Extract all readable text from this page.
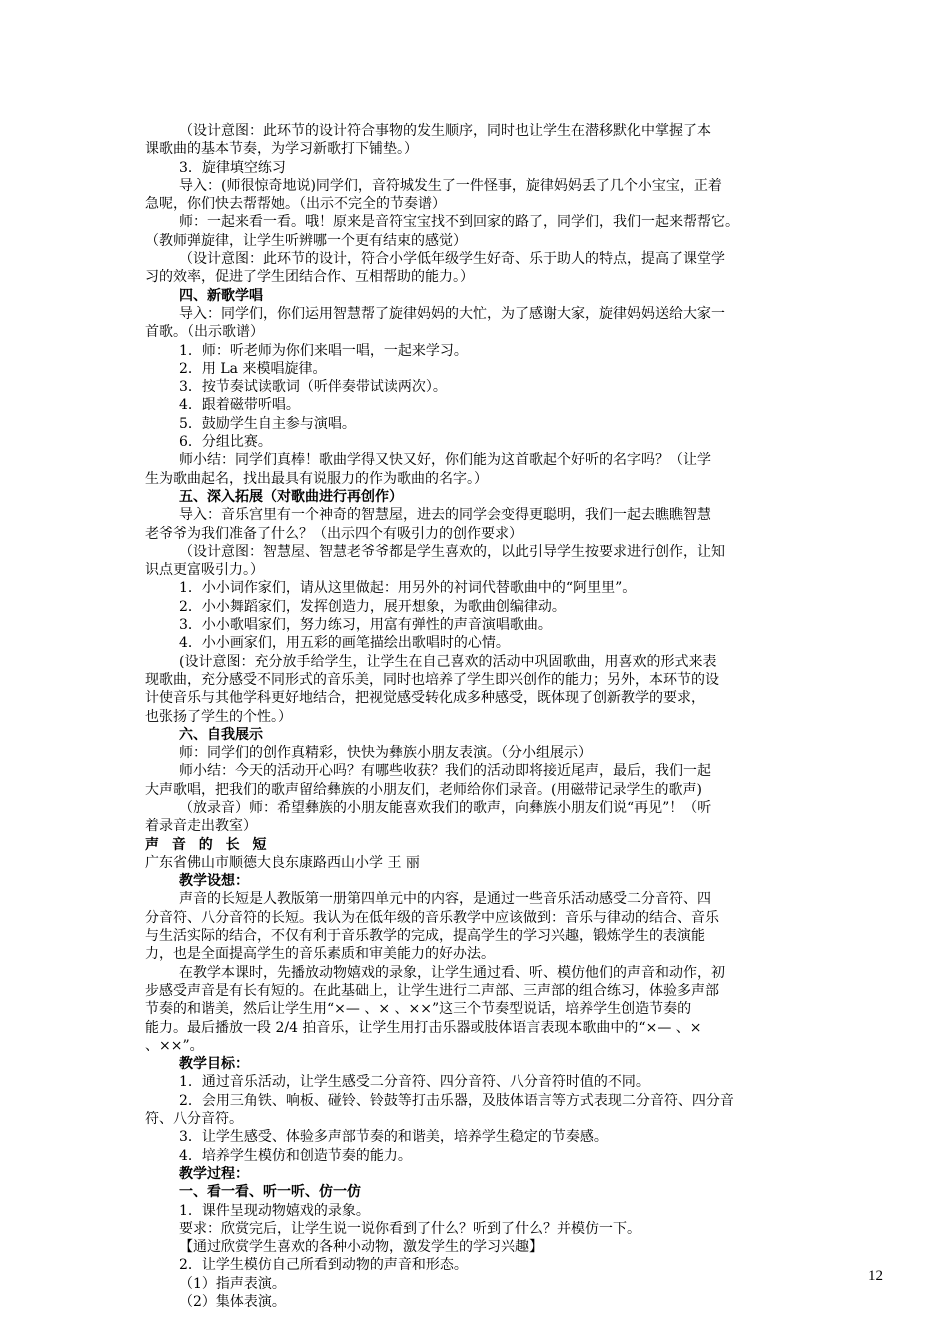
（设计意图：此环节的设计符合事物的发生顺序，同时也让学生在潜移默化中掌握了本
课歌曲的基本节奏，为学习新歌打下铺垫。）
3．旋律填空练习
导入：(师很惊奇地说)同学们，音符城发生了一件怪事，旋律妈妈丢了几个小宝宝，正着
急呢，你们快去帮帮她。（出示不完全的节奏谱）
师：一起来看一看。哦！原来是音符宝宝找不到回家的路了，同学们，我们一起来帮帮它。
（教师弹旋律，让学生听辨哪一个更有结束的感觉）
（设计意图：此环节的设计，符合小学低年级学生好奇、乐于助人的特点，提高了课堂学
习的效率，促进了学生团结合作、互相帮助的能力。）
四、新歌学唱
导入：同学们，你们运用智慧帮了旋律妈妈的大忙，为了感谢大家，旋律妈妈送给大家一
首歌。（出示歌谱）
1．师：听老师为你们来唱一唱，一起来学习。
2．用 La 来模唱旋律。
3．按节奏试读歌词（听伴奏带试读两次）。
4．跟着磁带听唱。
5．鼓励学生自主参与演唱。
6．分组比赛。
师小结：同学们真棒！歌曲学得又快又好，你们能为这首歌起个好听的名字吗？（让学
生为歌曲起名，找出最具有说服力的作为歌曲的名字。）
五、深入拓展（对歌曲进行再创作）
导入：音乐宫里有一个神奇的智慧屋，进去的同学会变得更聪明，我们一起去瞧瞧智慧
老爷爷为我们准备了什么？（出示四个有吸引力的创作要求）
（设计意图：智慧屋、智慧老爷爷都是学生喜欢的，以此引导学生按要求进行创作，让知
识点更富吸引力。）
1．小小词作家们，请从这里做起：用另外的衬词代替歌曲中的“阿里里”。
2．小小舞蹈家们，发挥创造力，展开想象，为歌曲创编律动。
3．小小歌唱家们，努力练习，用富有弹性的声音演唱歌曲。
4．小小画家们，用五彩的画笔描绘出歌唱时的心情。
(设计意图：充分放手给学生，让学生在自己喜欢的活动中巩固歌曲，用喜欢的形式来表
现歌曲，充分感受不同形式的音乐美，同时也培养了学生即兴创作的能力；另外，本环节的设
计使音乐与其他学科更好地结合，把视觉感受转化成多种感受，既体现了创新教学的要求，
也张扬了学生的个性。）
六、自我展示
师：同学们的创作真精彩，快快为彝族小朋友表演。（分小组展示）
师小结：今天的活动开心吗？有哪些收获？我们的活动即将接近尾声，最后，我们一起
大声歌唱，把我们的歌声留给彝族的小朋友们，老师给你们录音。(用磁带记录学生的歌声)
（放录音）师：希望彝族的小朋友能喜欢我们的歌声，向彝族小朋友们说“再见”！（听
着录音走出教室）
声 音 的 长 短
广东省佛山市顺德大良东康路西山小学 王 丽
教学设想：
声音的长短是人教版第一册第四单元中的内容，是通过一些音乐活动感受二分音符、四
分音符、八分音符的长短。我认为在低年级的音乐教学中应该做到：音乐与律动的结合、音乐
与生活实际的结合，不仅有利于音乐教学的完成，提高学生的学习兴趣，锻炼学生的表演能
力，也是全面提高学生的音乐素质和审美能力的好办法。
在教学本课时，先播放动物嬉戏的录象，让学生通过看、听、模仿他们的声音和动作，初
步感受声音是有长有短的。在此基础上，让学生进行二声部、三声部的组合练习，体验多声部
节奏的和谐美，然后让学生用“×— 、× 、××”这三个节奏型说话，培养学生创造节奏的
能力。最后播放一段 2/4 拍音乐，让学生用打击乐器或肢体语言表现本歌曲中的“×— 、×
、××”。
教学目标：
1．通过音乐活动，让学生感受二分音符、四分音符、八分音符时值的不同。
2．会用三角铁、响板、碰铃、铃鼓等打击乐器，及肢体语言等方式表现二分音符、四分音
符、八分音符。
3．让学生感受、体验多声部节奏的和谐美，培养学生稳定的节奏感。
4．培养学生模仿和创造节奏的能力。
教学过程：
一、看一看、听一听、仿一仿
1．课件呈现动物嬉戏的录象。
要求：欣赏完后，让学生说一说你看到了什么？听到了什么？并模仿一下。
【通过欣赏学生喜欢的各种小动物，激发学生的学习兴趣】
2．让学生模仿自己所看到动物的声音和形态。
（1）指声表演。
（2）集体表演。
12
